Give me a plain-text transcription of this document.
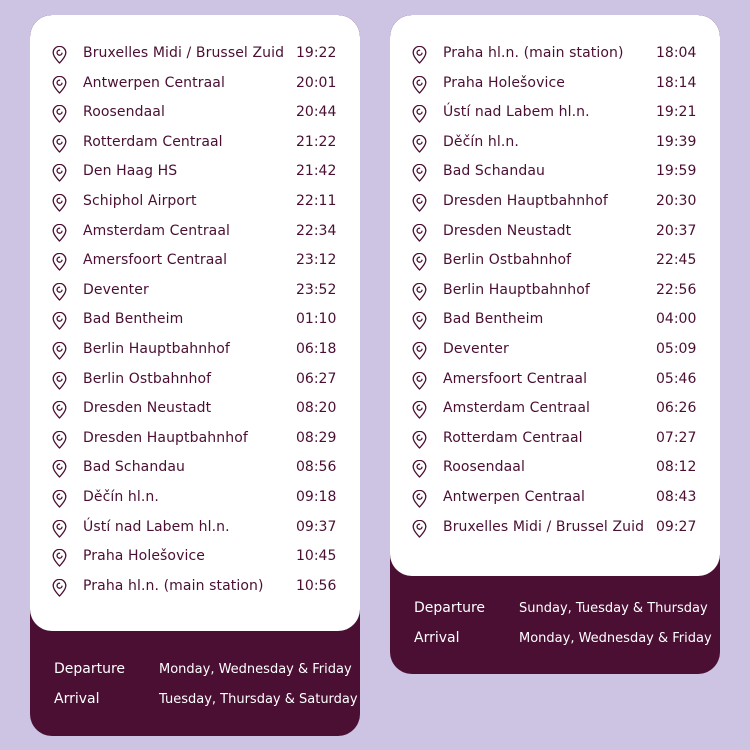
Bruxelles Midi / Brussel Zuid 19:22
Antwerpen Centraal	20:01
Roosendaal	20:44
Rotterdam Centraal	21:22
Den Haag HS	21:42
Schiphol Airport	22:11
Amsterdam Centraal	22:34
Amersfoort Centraal	23:12
Deventer	23:52
Bad Bentheim	01:10
Berlin Hauptbahnhof	06:18
Berlin Ostbahnhof	06:27
Dresden Neustadt	08:20
Dresden Hauptbahnhof	08:29
Bad Schandau	08:56
Děčín hl.n.	09:18
Ústí nad Labem hl.n.	09:37
Praha Holešovice	10:45
Praha hl.n. (main station) 10:56
Departure	Monday, Wednesday & Friday
Arrival	Tuesday, Thursday & Saturday
Praha hl.n. (main station) 18:04
Praha Holešovice	18:14
Ústí nad Labem hl.n.	19:21
Děčín hl.n.	19:39
Bad Schandau	19:59
Dresden Hauptbahnhof	20:30
Dresden Neustadt	20:37
Berlin Ostbahnhof	22:45
Berlin Hauptbahnhof	22:56
Bad Bentheim	04:00
Deventer	05:09
Amersfoort Centraal	05:46
Amsterdam Centraal	06:26
Rotterdam Centraal	07:27
Roosendaal	08:12
Antwerpen Centraal	08:43
Bruxelles Midi / Brussel Zuid 09:27
Departure	Sunday, Tuesday & Thursday
Arrival	Monday, Wednesday & Friday
